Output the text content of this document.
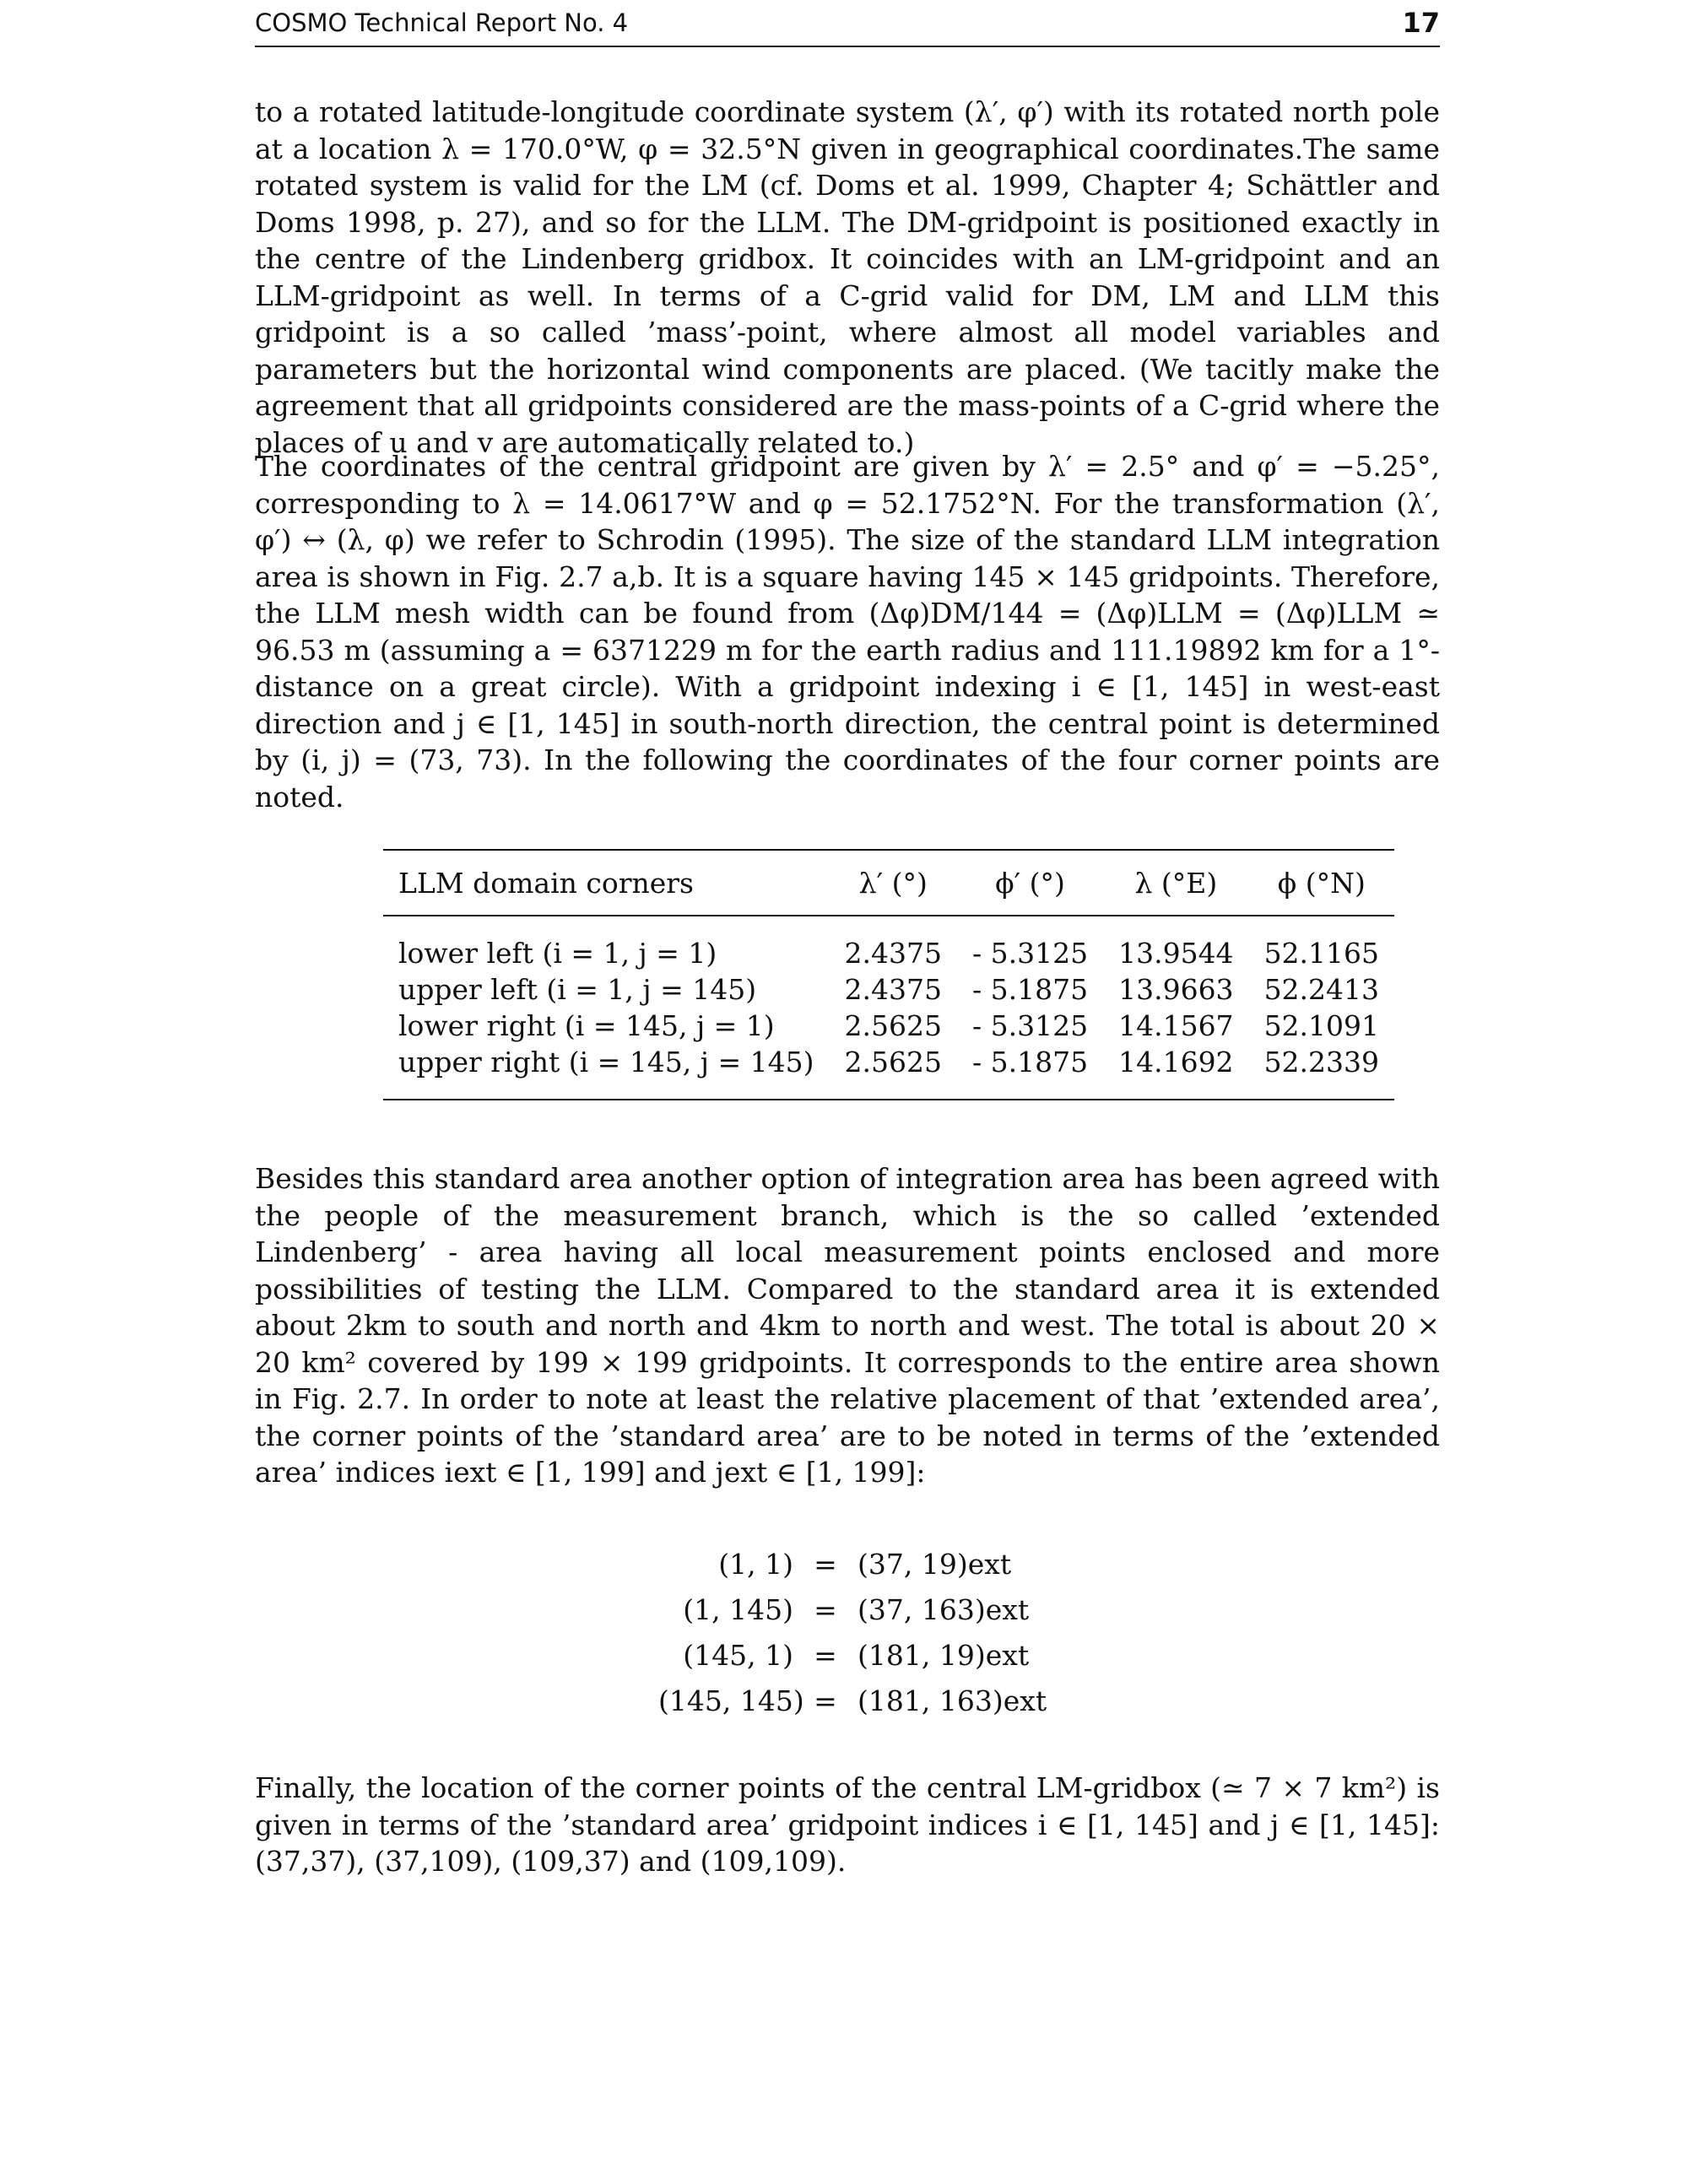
COSMO Technical Report No. 4	17
to a rotated latitude-longitude coordinate system (λ′, φ′) with its rotated north pole at a location λ = 170.0°W, φ = 32.5°N given in geographical coordinates.The same rotated system is valid for the LM (cf. Doms et al. 1999, Chapter 4; Schättler and Doms 1998, p. 27), and so for the LLM. The DM-gridpoint is positioned exactly in the centre of the Lindenberg gridbox. It coincides with an LM-gridpoint and an LLM-gridpoint as well. In terms of a C-grid valid for DM, LM and LLM this gridpoint is a so called ’mass’-point, where almost all model variables and parameters but the horizontal wind components are placed. (We tacitly make the agreement that all gridpoints considered are the mass-points of a C-grid where the places of u and v are automatically related to.)
The coordinates of the central gridpoint are given by λ′ = 2.5° and φ′ = −5.25°, corresponding to λ = 14.0617°W and φ = 52.1752°N. For the transformation (λ′, φ′) ↔ (λ, φ) we refer to Schrodin (1995). The size of the standard LLM integration area is shown in Fig. 2.7 a,b. It is a square having 145 × 145 gridpoints. Therefore, the LLM mesh width can be found from (Δφ)DM/144 = (Δφ)LLM = (Δφ)LLM ≃ 96.53 m (assuming a = 6371229 m for the earth radius and 111.19892 km for a 1°-distance on a great circle). With a gridpoint indexing i ∈ [1, 145] in west-east direction and j ∈ [1, 145] in south-north direction, the central point is determined by (i, j) = (73, 73). In the following the coordinates of the four corner points are noted.
LLM domain corners	λ′ (°)	ϕ′ (°)	λ (°E)	ϕ (°N)
lower left (i = 1, j = 1)	2.4375	- 5.3125	13.9544	52.1165
upper left (i = 1, j = 145)	2.4375	- 5.1875	13.9663	52.2413
lower right (i = 145, j = 1)	2.5625	- 5.3125	14.1567	52.1091
upper right (i = 145, j = 145)	2.5625	- 5.1875	14.1692	52.2339
Besides this standard area another option of integration area has been agreed with the people of the measurement branch, which is the so called ’extended Lindenberg’ - area having all local measurement points enclosed and more possibilities of testing the LLM. Compared to the standard area it is extended about 2km to south and north and 4km to north and west. The total is about 20 × 20 km² covered by 199 × 199 gridpoints. It corresponds to the entire area shown in Fig. 2.7. In order to note at least the relative placement of that ’extended area’, the corner points of the ’standard area’ are to be noted in terms of the ’extended area’ indices iext ∈ [1, 199] and jext ∈ [1, 199]:
(1, 1) = (37, 19)ext
(1, 145) = (37, 163)ext
(145, 1) = (181, 19)ext
(145, 145) = (181, 163)ext
Finally, the location of the corner points of the central LM-gridbox (≃ 7 × 7 km²) is given in terms of the ’standard area’ gridpoint indices i ∈ [1, 145] and j ∈ [1, 145]: (37,37), (37,109), (109,37) and (109,109).
